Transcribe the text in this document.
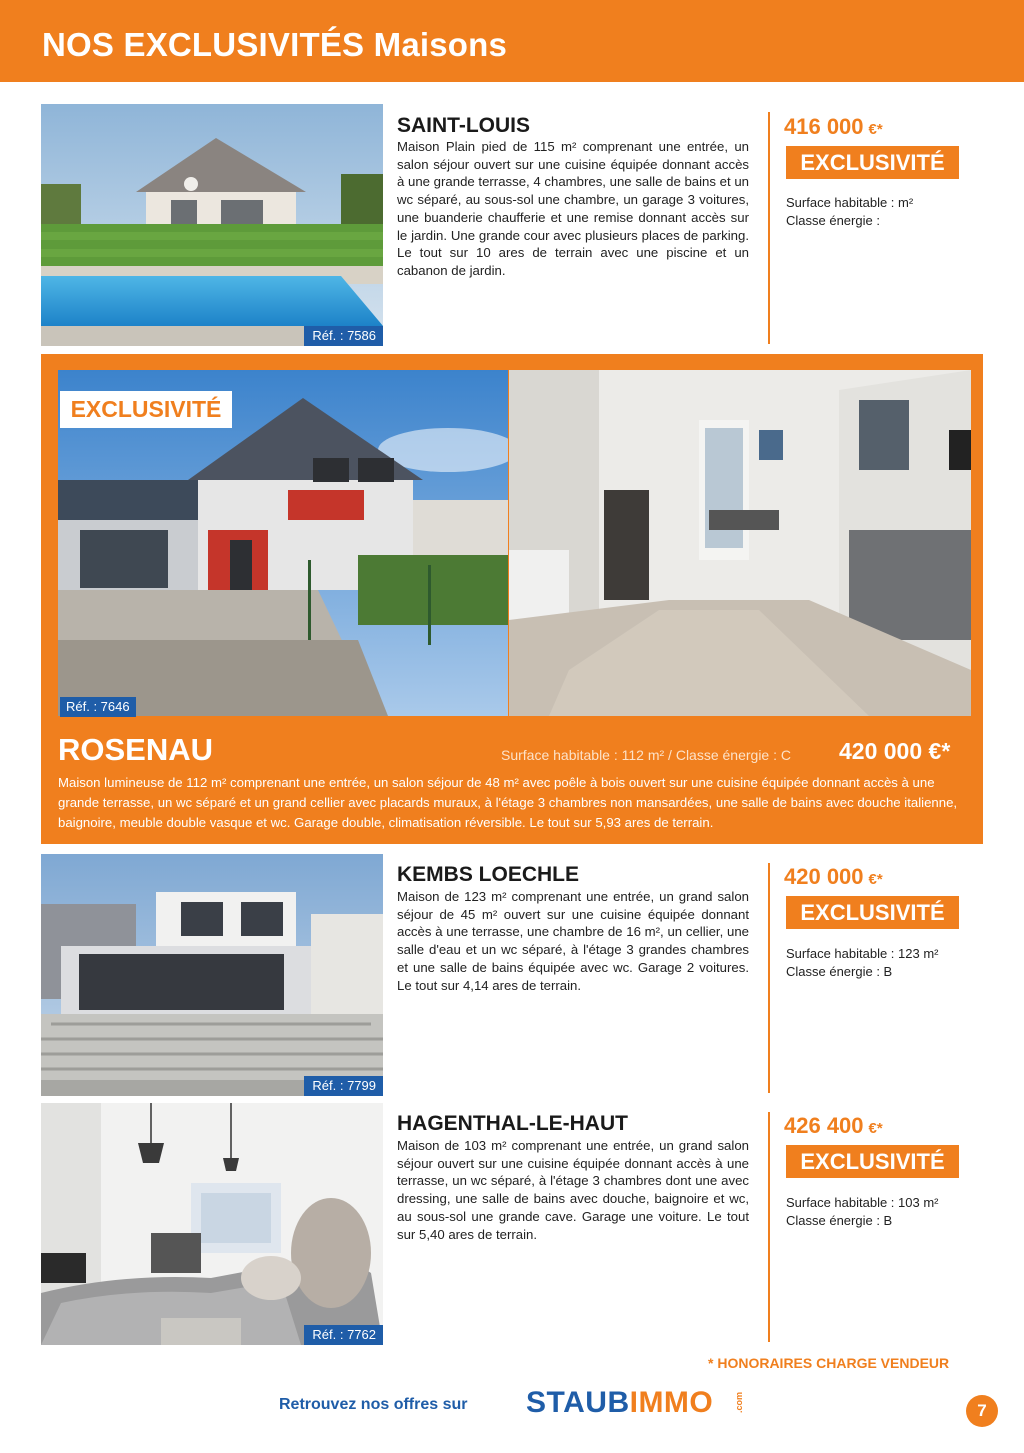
NOS EXCLUSIVITÉS Maisons
Réf. : 7586
SAINT-LOUIS
Maison Plain pied de 115 m² comprenant une entrée, un salon séjour ouvert sur une cuisine équipée donnant accès à une grande terrasse, 4 chambres, une salle de bains et un wc séparé, au sous-sol une chambre, un garage 3 voitures, une buanderie chaufferie et une remise donnant accès sur le jardin. Une grande cour avec plusieurs places de parking. Le tout sur 10 ares de terrain avec une piscine et un cabanon de jardin.
416 000 €*
EXCLUSIVITÉ
Surface habitable : m²
Classe énergie :
EXCLUSIVITÉ
Réf. : 7646
ROSENAU	Surface habitable : 112 m² / Classe énergie : C 420 000 €*
Maison lumineuse de 112 m² comprenant une entrée, un salon séjour de 48 m² avec poêle à bois ouvert sur une cuisine équipée donnant accès à une grande terrasse, un wc séparé et un grand cellier avec placards muraux, à l'étage 3 chambres non mansardées, une salle de bains avec douche italienne, baignoire, meuble double vasque et wc. Garage double, climatisation réversible. Le tout sur 5,93 ares de terrain.
Réf. : 7799
KEMBS LOECHLE
Maison de 123 m² comprenant une entrée, un grand salon séjour de 45 m² ouvert sur une cuisine équipée donnant accès à une terrasse, une chambre de 16 m², un cellier, une salle d'eau et un wc séparé, à l'étage 3 grandes chambres et une salle de bains équipée avec wc. Garage 2 voitures. Le tout sur 4,14 ares de terrain.
420 000 €*
EXCLUSIVITÉ
Surface habitable : 123 m²
Classe énergie : B
Réf. : 7762
HAGENTHAL-LE-HAUT
Maison de 103 m² comprenant une entrée, un grand salon séjour ouvert sur une cuisine équipée donnant accès à une terrasse, un wc séparé, à l'étage 3 chambres dont une avec dressing, une salle de bains avec douche, baignoire et wc, au sous-sol une grande cave. Garage une voiture. Le tout sur 5,40 ares de terrain.
426 400 €*
EXCLUSIVITÉ
Surface habitable : 103 m²
Classe énergie : B
* HONORAIRES CHARGE VENDEUR
Retrouvez nos offres sur STAUBIMMO .com	7
